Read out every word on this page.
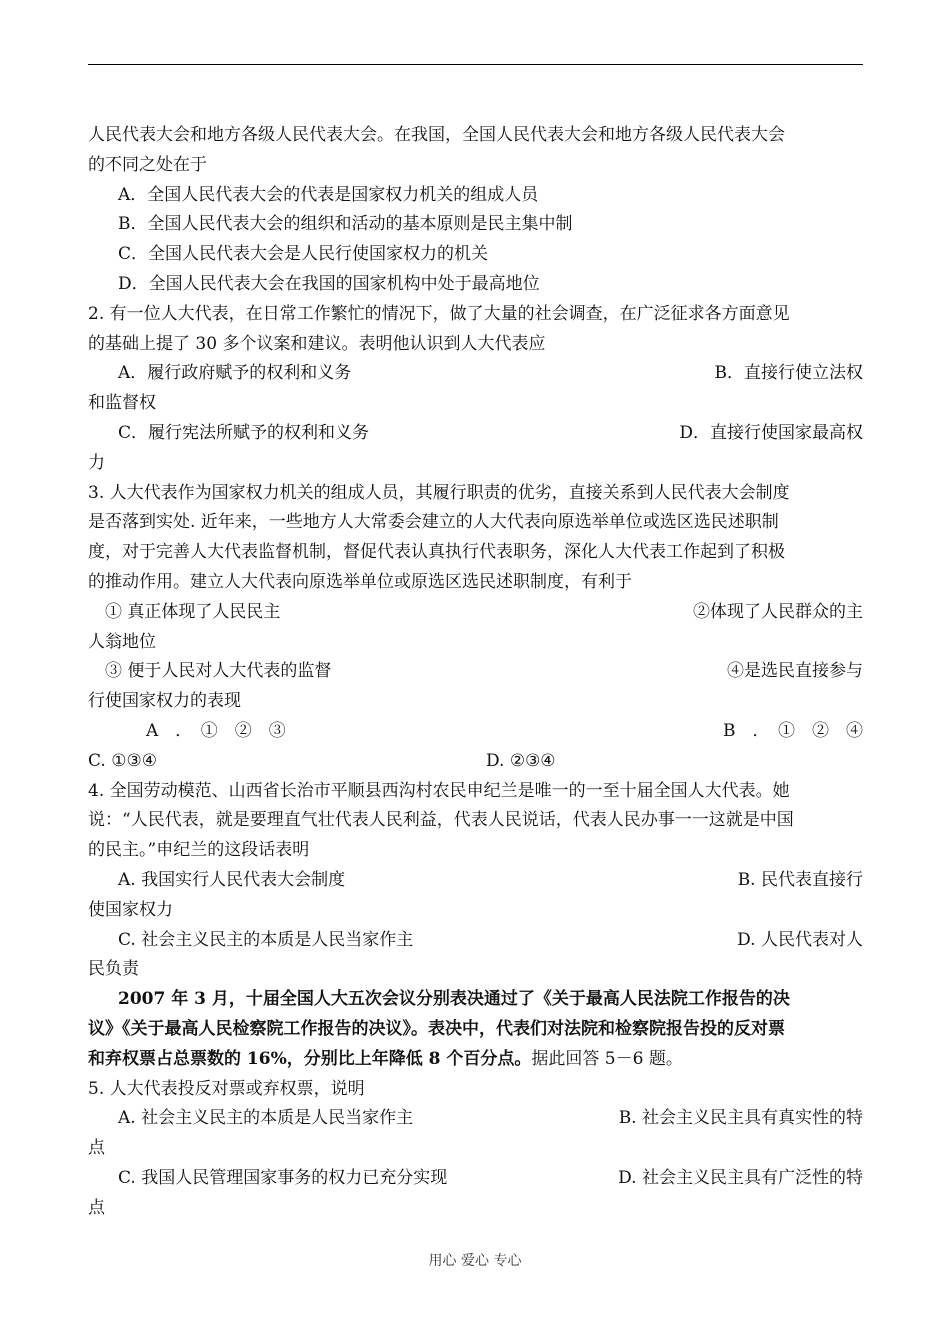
人民代表大会和地方各级人民代表大会。在我国，全国人民代表大会和地方各级人民代表大会
的不同之处在于
A．全国人民代表大会的代表是国家权力机关的组成人员
B．全国人民代表大会的组织和活动的基本原则是民主集中制
C．全国人民代表大会是人民行使国家权力的机关
D．全国人民代表大会在我国的国家机构中处于最高地位
2. 有一位人大代表，在日常工作繁忙的情况下，做了大量的社会调查，在广泛征求各方面意见
的基础上提了 30 多个议案和建议。表明他认识到人大代表应
A．履行政府赋予的权利和义务	B．直接行使立法权
和监督权
C．履行宪法所赋予的权利和义务	D．直接行使国家最高权
力
3. 人大代表作为国家权力机关的组成人员，其履行职责的优劣，直接关系到人民代表大会制度
是否落到实处. 近年来，一些地方人大常委会建立的人大代表向原选举单位或选区选民述职制
度，对于完善人大代表监督机制，督促代表认真执行代表职务，深化人大代表工作起到了积极
的推动作用。建立人大代表向原选举单位或原选区选民述职制度，有利于
① 真正体现了人民民主	②体现了人民群众的主
人翁地位
③ 便于人民对人大代表的监督	④是选民直接参与
行使国家权力的表现
A　．　①　②　③	B　．　①　②　④
C. ①③④	D. ②③④
4. 全国劳动模范、山西省长治市平顺县西沟村农民申纪兰是唯一的一至十届全国人大代表。她
说：“人民代表，就是要理直气壮代表人民利益，代表人民说话，代表人民办事一一这就是中国
的民主。”申纪兰的这段话表明
A. 我国实行人民代表大会制度	B. 民代表直接行
使国家权力
C. 社会主义民主的本质是人民当家作主	D. 人民代表对人
民负责
2007 年 3 月，十届全国人大五次会议分别表决通过了《关于最高人民法院工作报告的决
议》《关于最高人民检察院工作报告的决议》。表决中，代表们对法院和检察院报告投的反对票
和弃权票占总票数的 16%，分别比上年降低 8 个百分点。据此回答 5－6 题。
5. 人大代表投反对票或弃权票，说明
A. 社会主义民主的本质是人民当家作主	B. 社会主义民主具有真实性的特
点
C. 我国人民管理国家事务的权力已充分实现	D. 社会主义民主具有广泛性的特
点
用心 爱心 专心
